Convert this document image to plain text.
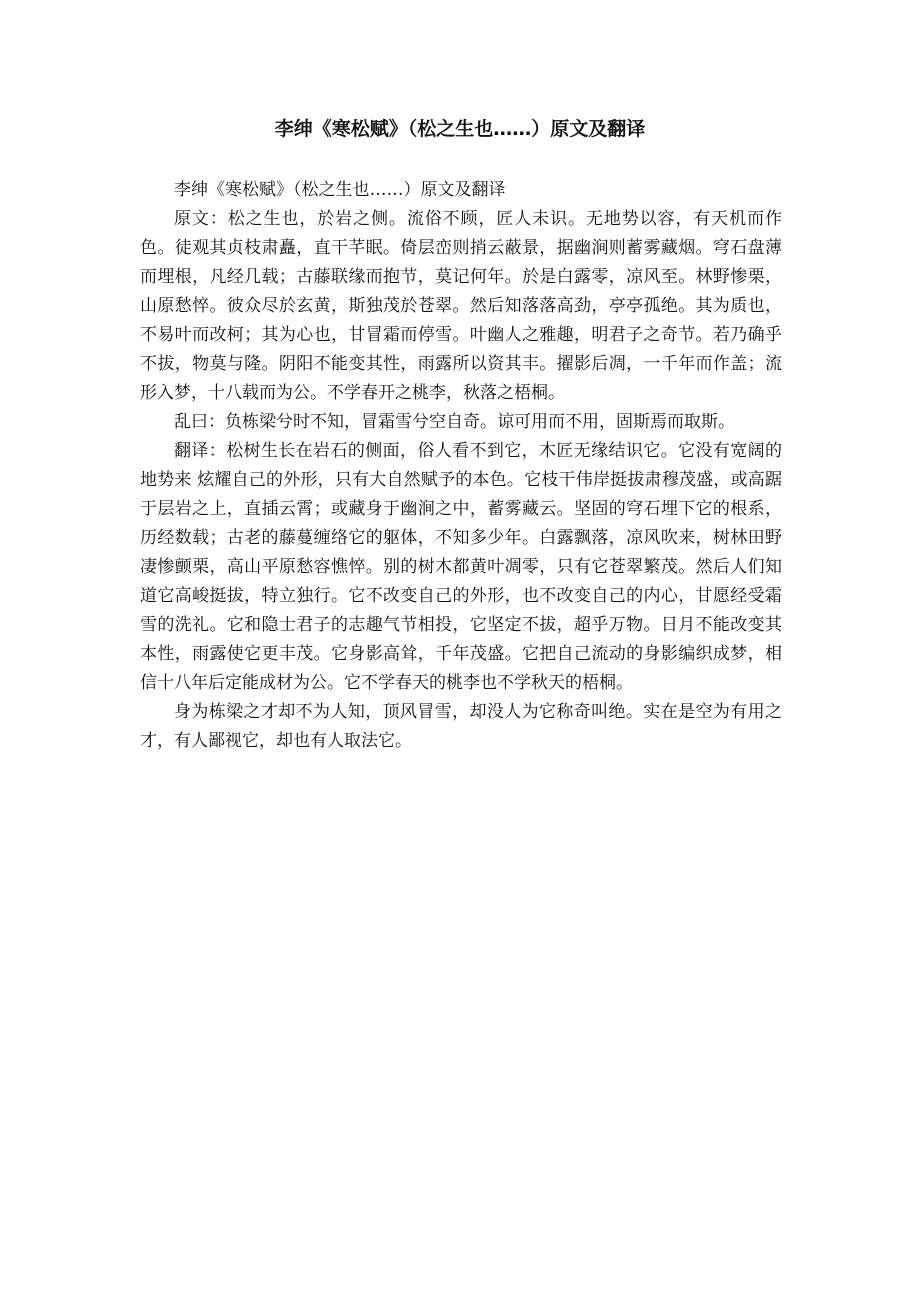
李绅《寒松赋》（松之生也……）原文及翻译

李绅《寒松赋》（松之生也……）原文及翻译

原文：松之生也，於岩之侧。流俗不顾，匠人未识。无地势以容，有天机而作色。徒观其贞枝肃矗，直干芊眠。倚层峦则捎云蔽景，据幽涧则蓄雾藏烟。穹石盘薄而埋根，凡经几载；古藤联缘而抱节，莫记何年。於是白露零，凉风至。林野惨栗，山原愁悴。彼众尽於玄黄，斯独茂於苍翠。然后知落落高劲，亭亭孤绝。其为质也，不易叶而改柯；其为心也，甘冒霜而停雪。叶幽人之雅趣，明君子之奇节。若乃确乎不拔，物莫与隆。阴阳不能变其性，雨露所以资其丰。擢影后凋，一千年而作盖；流形入梦，十八载而为公。不学春开之桃李，秋落之梧桐。

乱曰：负栋梁兮时不知，冒霜雪兮空自奇。谅可用而不用，固斯焉而取斯。

翻译：松树生长在岩石的侧面，俗人看不到它，木匠无缘结识它。它没有宽阔的地势来 炫耀自己的外形，只有大自然赋予的本色。它枝干伟岸挺拔肃穆茂盛，或高踞于层岩之上，直插云霄；或藏身于幽涧之中，蓄雾藏云。坚固的穹石埋下它的根系，历经数载；古老的藤蔓缠络它的躯体，不知多少年。白露飘落，凉风吹来，树林田野凄惨颤栗，高山平原愁容憔悴。别的树木都黄叶凋零，只有它苍翠繁茂。然后人们知道它高峻挺拔，特立独行。它不改变自己的外形，也不改变自己的内心，甘愿经受霜雪的洗礼。它和隐士君子的志趣气节相投，它坚定不拔，超乎万物。日月不能改变其本性，雨露使它更丰茂。它身影高耸，千年茂盛。它把自己流动的身影编织成梦，相信十八年后定能成材为公。它不学春天的桃李也不学秋天的梧桐。

身为栋梁之才却不为人知，顶风冒雪，却没人为它称奇叫绝。实在是空为有用之才，有人鄙视它，却也有人取法它。
